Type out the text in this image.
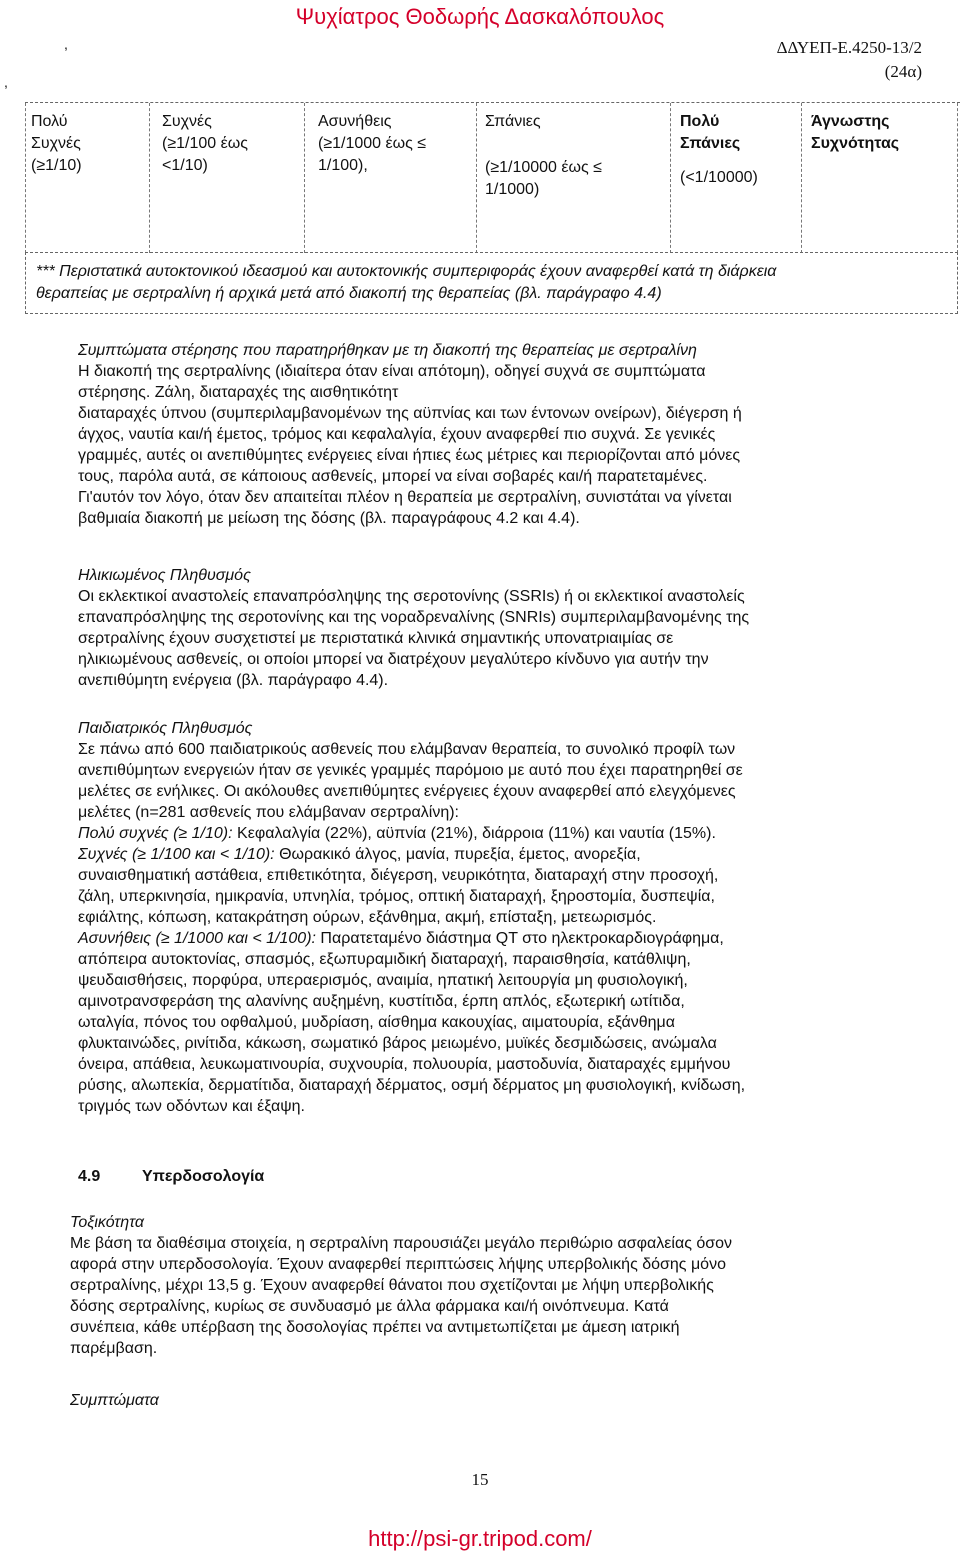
Ψυχίατρος Θοδωρής Δασκαλόπουλος
,
,
ΔΔΥΕΠ-Ε.4250-13/2
(24α)
Πολύ Συχνές
(≥1/10)
Συχνές
(≥1/100 έως <1/10)
Ασυνήθεις
(≥1/1000 έως ≤ 1/100),
Σπάνιες
(≥1/10000 έως ≤ 1/1000)
Πολύ Σπάνιες
(<1/10000)
Άγνωστης Συχνότητας
*** Περιστατικά αυτοκτονικού ιδεασμού και αυτοκτονικής συμπεριφοράς έχουν αναφερθεί κατά τη διάρκεια
θεραπείας με σερτραλίνη ή αρχικά μετά από διακοπή της θεραπείας (βλ. παράγραφο 4.4)
Συμπτώματα στέρησης που παρατηρήθηκαν με τη διακοπή της θεραπείας με σερτραλίνη
Η διακοπή της σερτραλίνης (ιδιαίτερα όταν είναι απότομη), οδηγεί συχνά σε συμπτώματα
στέρησης. Ζάλη, διαταραχές της αισθητικότητ
διαταραχές ύπνου (συμπεριλαμβανομένων της αϋπνίας και των έντονων ονείρων), διέγερση ή
άγχος, ναυτία και/ή έμετος, τρόμος και κεφαλαλγία, έχουν αναφερθεί πιο συχνά. Σε γενικές
γραμμές, αυτές οι ανεπιθύμητες ενέργειες είναι ήπιες έως μέτριες και περιορίζονται από μόνες
τους, παρόλα αυτά, σε κάποιους ασθενείς, μπορεί να είναι σοβαρές και/ή παρατεταμένες.
Γι'αυτόν τον λόγο, όταν δεν απαιτείται πλέον η θεραπεία με σερτραλίνη, συνιστάται να γίνεται
βαθμιαία διακοπή με μείωση της δόσης (βλ. παραγράφους 4.2 και 4.4).
Ηλικιωμένος Πληθυσμός
Οι εκλεκτικοί αναστολείς επαναπρόσληψης της σεροτονίνης (SSRIs) ή οι εκλεκτικοί αναστολείς
επαναπρόσληψης της σεροτονίνης και της νοραδρεναλίνης (SNRIs) συμπεριλαμβανομένης της
σερτραλίνης έχουν συσχετιστεί με περιστατικά κλινικά σημαντικής υπονατριαιμίας σε
ηλικιωμένους ασθενείς, οι οποίοι μπορεί να διατρέχουν μεγαλύτερο κίνδυνο για αυτήν την
ανεπιθύμητη ενέργεια (βλ. παράγραφο 4.4).
Παιδιατρικός Πληθυσμός
Σε πάνω από 600 παιδιατρικούς ασθενείς που ελάμβαναν θεραπεία, το συνολικό προφίλ των
ανεπιθύμητων ενεργειών ήταν σε γενικές γραμμές παρόμοιο με αυτό που έχει παρατηρηθεί σε
μελέτες σε ενήλικες. Οι ακόλουθες ανεπιθύμητες ενέργειες έχουν αναφερθεί από ελεγχόμενες
μελέτες (n=281 ασθενείς που ελάμβαναν σερτραλίνη):
Πολύ συχνές (≥ 1/10): Κεφαλαλγία (22%), αϋπνία (21%), διάρροια (11%) και ναυτία (15%).
Συχνές (≥ 1/100 και < 1/10): Θωρακικό άλγος, μανία, πυρεξία, έμετος, ανορεξία,
συναισθηματική αστάθεια, επιθετικότητα, διέγερση, νευρικότητα, διαταραχή στην προσοχή,
ζάλη, υπερκινησία, ημικρανία, υπνηλία, τρόμος, οπτική διαταραχή, ξηροστομία, δυσπεψία,
εφιάλτης, κόπωση, κατακράτηση ούρων, εξάνθημα, ακμή, επίσταξη, μετεωρισμός.
Ασυνήθεις (≥ 1/1000 και < 1/100): Παρατεταμένο διάστημα QT στο ηλεκτροκαρδιογράφημα,
απόπειρα αυτοκτονίας, σπασμός, εξωπυραμιδική διαταραχή, παραισθησία, κατάθλιψη,
ψευδαισθήσεις, πορφύρα, υπεραερισμός, αναιμία, ηπατική λειτουργία μη φυσιολογική,
αμινοτρανσφεράση της αλανίνης αυξημένη, κυστίτιδα, έρπη απλός, εξωτερική ωτίτιδα,
ωταλγία, πόνος του οφθαλμού, μυδρίαση, αίσθημα κακουχίας, αιματουρία, εξάνθημα
φλυκταινώδες, ρινίτιδα, κάκωση, σωματικό βάρος μειωμένο, μυϊκές δεσμιδώσεις, ανώμαλα
όνειρα, απάθεια, λευκωματινουρία, συχνουρία, πολυουρία, μαστοδυνία, διαταραχές εμμήνου
ρύσης, αλωπεκία, δερματίτιδα, διαταραχή δέρματος, οσμή δέρματος μη φυσιολογική, κνίδωση,
τριγμός των οδόντων και έξαψη.
4.9	Υπερδοσολογία
Τοξικότητα
Με βάση τα διαθέσιμα στοιχεία, η σερτραλίνη παρουσιάζει μεγάλο περιθώριο ασφαλείας όσον
αφορά στην υπερδοσολογία. Έχουν αναφερθεί περιπτώσεις λήψης υπερβολικής δόσης μόνο
σερτραλίνης, μέχρι 13,5 g. Έχουν αναφερθεί θάνατοι που σχετίζονται με λήψη υπερβολικής
δόσης σερτραλίνης, κυρίως σε συνδυασμό με άλλα φάρμακα και/ή οινόπνευμα. Κατά
συνέπεια, κάθε υπέρβαση της δοσολογίας πρέπει να αντιμετωπίζεται με άμεση ιατρική
παρέμβαση.
Συμπτώματα
15
http://psi-gr.tripod.com/
